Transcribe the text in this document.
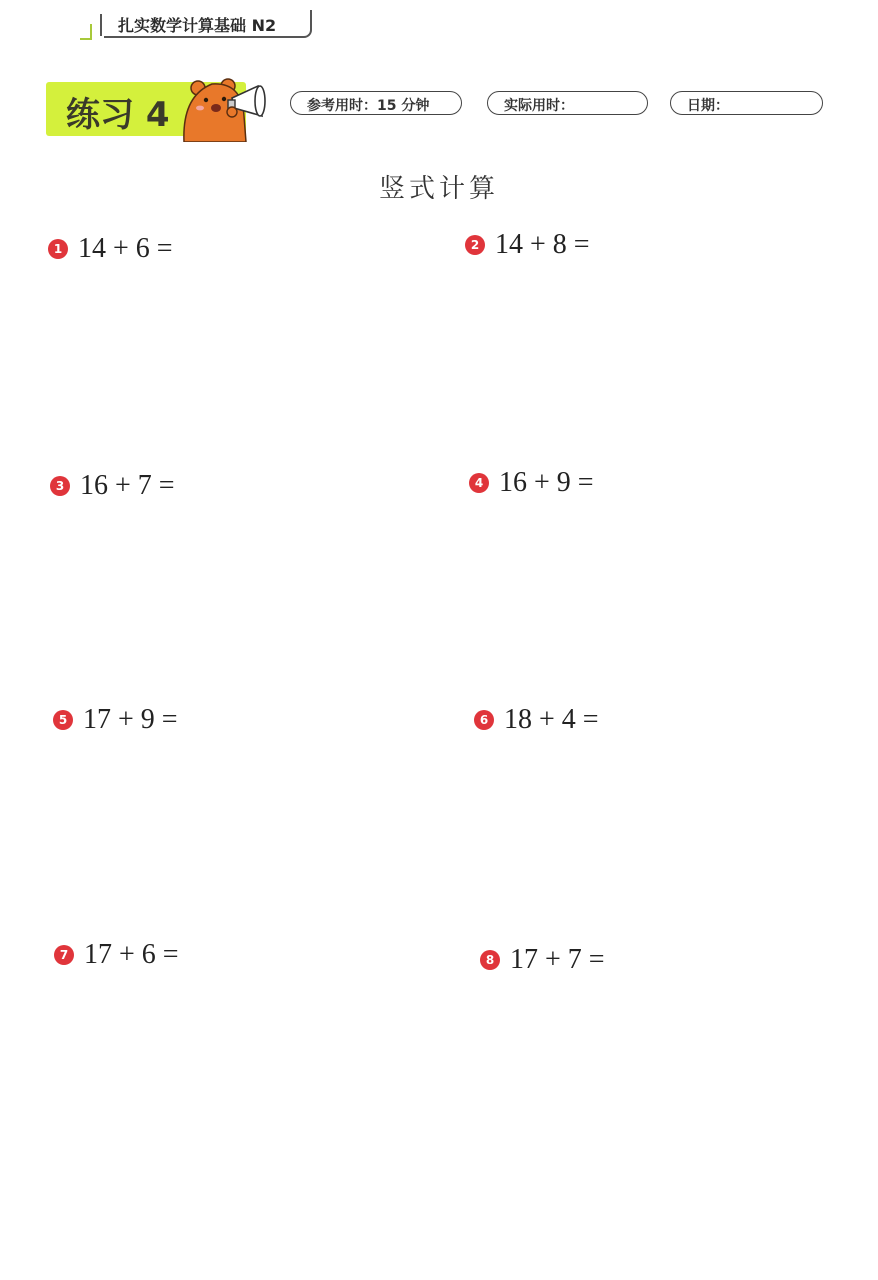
扎实数学计算基础 N2
练习 4	参考用时：15 分钟	实际用时：	日期：
竖式计算
1 14 + 6 =	2 14 + 8 =
3 16 + 7 =	4 16 + 9 =
5 17 + 9 =	6 18 + 4 =
7 17 + 6 =	8 17 + 7 =
